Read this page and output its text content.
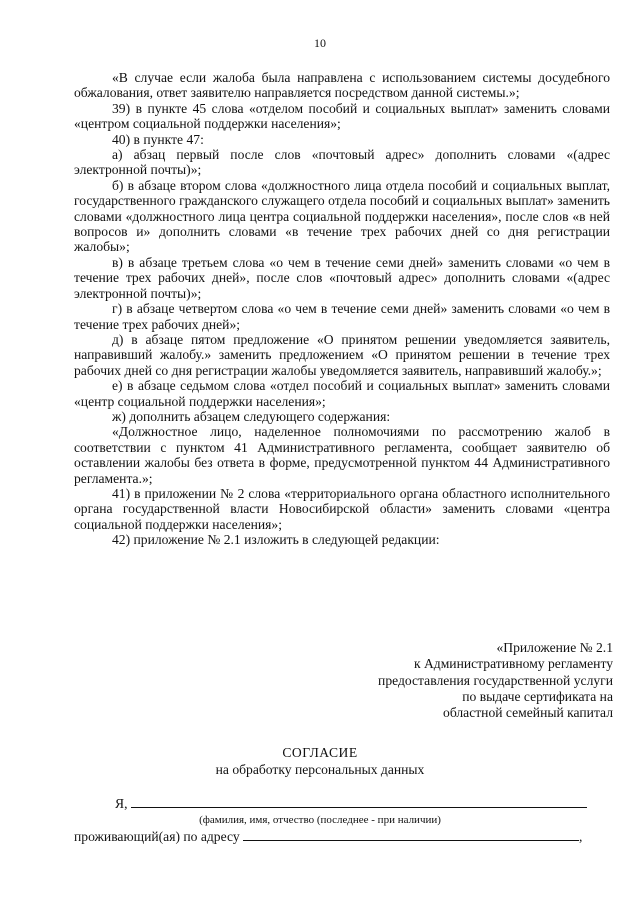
10

«В случае если жалоба была направлена с использованием системы досудебного обжалования, ответ заявителю направляется посредством данной системы.»;

39) в пункте 45 слова «отделом пособий и социальных выплат» заменить словами «центром социальной поддержки населения»;

40) в пункте 47:

а) абзац первый после слов «почтовый адрес» дополнить словами «(адрес электронной почты)»;

б) в абзаце втором слова «должностного лица отдела пособий и социальных выплат, государственного гражданского служащего отдела пособий и социальных выплат» заменить словами «должностного лица центра социальной поддержки населения», после слов «в ней вопросов и» дополнить словами «в течение трех рабочих дней со дня регистрации жалобы»;

в) в абзаце третьем слова «о чем в течение семи дней» заменить словами «о чем в течение трех рабочих дней», после слов «почтовый адрес» дополнить словами «(адрес электронной почты)»;

г) в абзаце четвертом слова «о чем в течение семи дней» заменить словами «о чем в течение трех рабочих дней»;

д) в абзаце пятом предложение «О принятом решении уведомляется заявитель, направивший жалобу.» заменить предложением «О принятом решении в течение трех рабочих дней со дня регистрации жалобы уведомляется заявитель, направивший жалобу.»;

е) в абзаце седьмом слова «отдел пособий и социальных выплат» заменить словами «центр социальной поддержки населения»;

ж) дополнить абзацем следующего содержания:

«Должностное лицо, наделенное полномочиями по рассмотрению жалоб в соответствии с пунктом 41 Административного регламента, сообщает заявителю об оставлении жалобы без ответа в форме, предусмотренной пунктом 44 Административного регламента.»;

41) в приложении № 2 слова «территориального органа областного исполнительного органа государственной власти Новосибирской области» заменить словами «центра социальной поддержки населения»;

42) приложение № 2.1 изложить в следующей редакции:

«Приложение № 2.1
к Административному регламенту
предоставления государственной услуги
по выдаче сертификата на
областной семейный капитал
СОГЛАСИЕ
на обработку персональных данных
Я,
(фамилия, имя, отчество (последнее - при наличии)
проживающий(ая) по адресу	,
